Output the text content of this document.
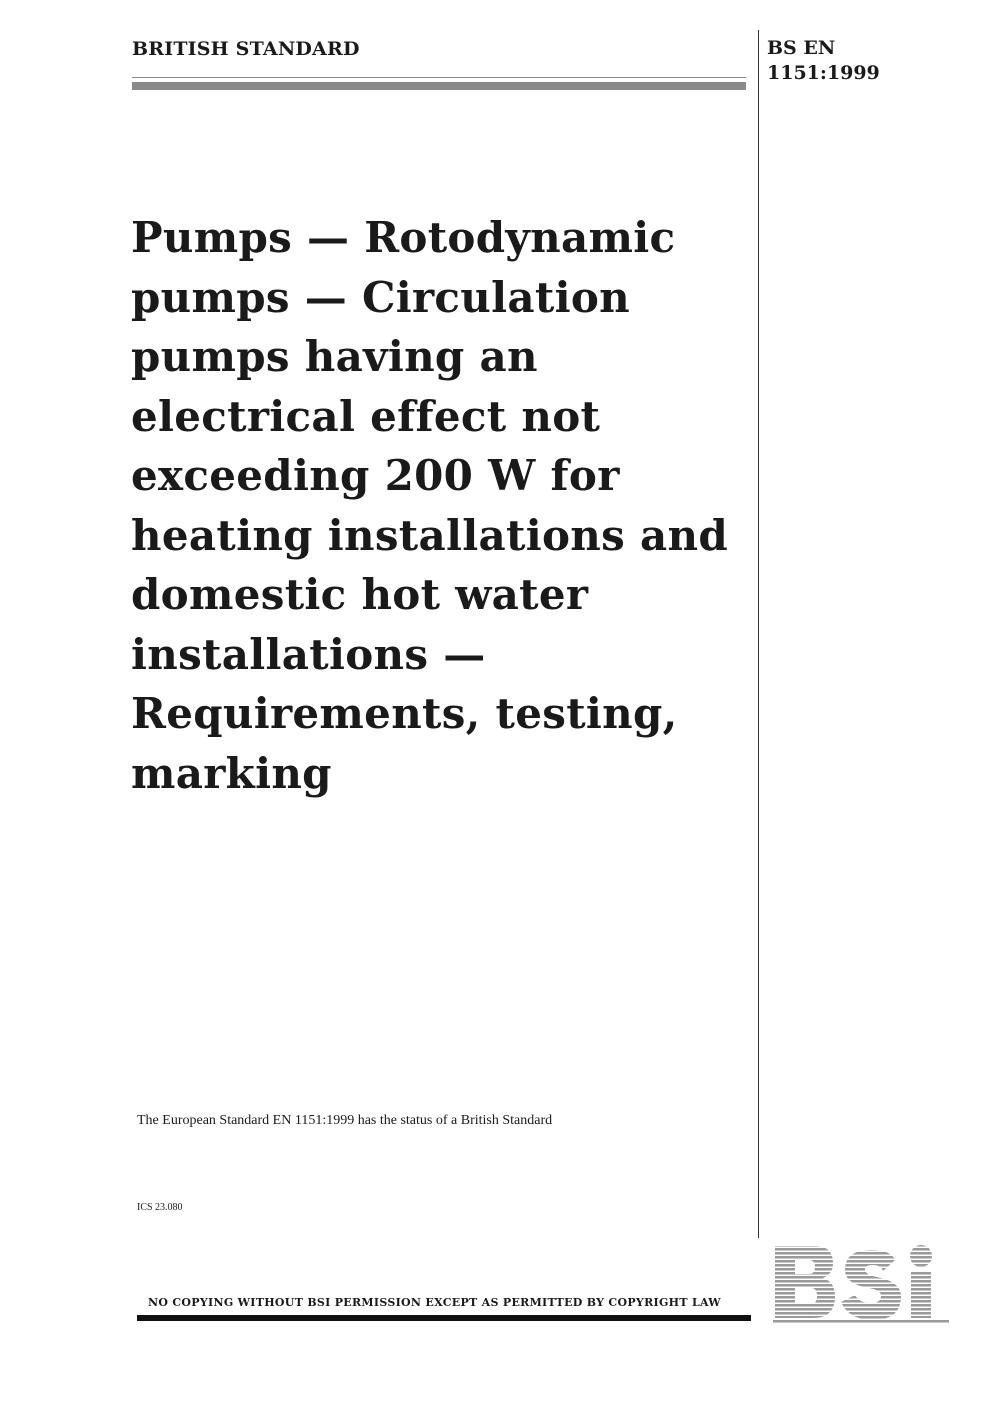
BRITISH STANDARD	BS EN
1151:1999
Pumps — Rotodynamic
pumps — Circulation
pumps having an
electrical effect not
exceeding 200 W for
heating installations and
domestic hot water
installations —
Requirements, testing,
marking
The European Standard EN 1151:1999 has the status of a British Standard
ICS 23.080
NO COPYING WITHOUT BSI PERMISSION EXCEPT AS PERMITTED BY COPYRIGHT LAW
